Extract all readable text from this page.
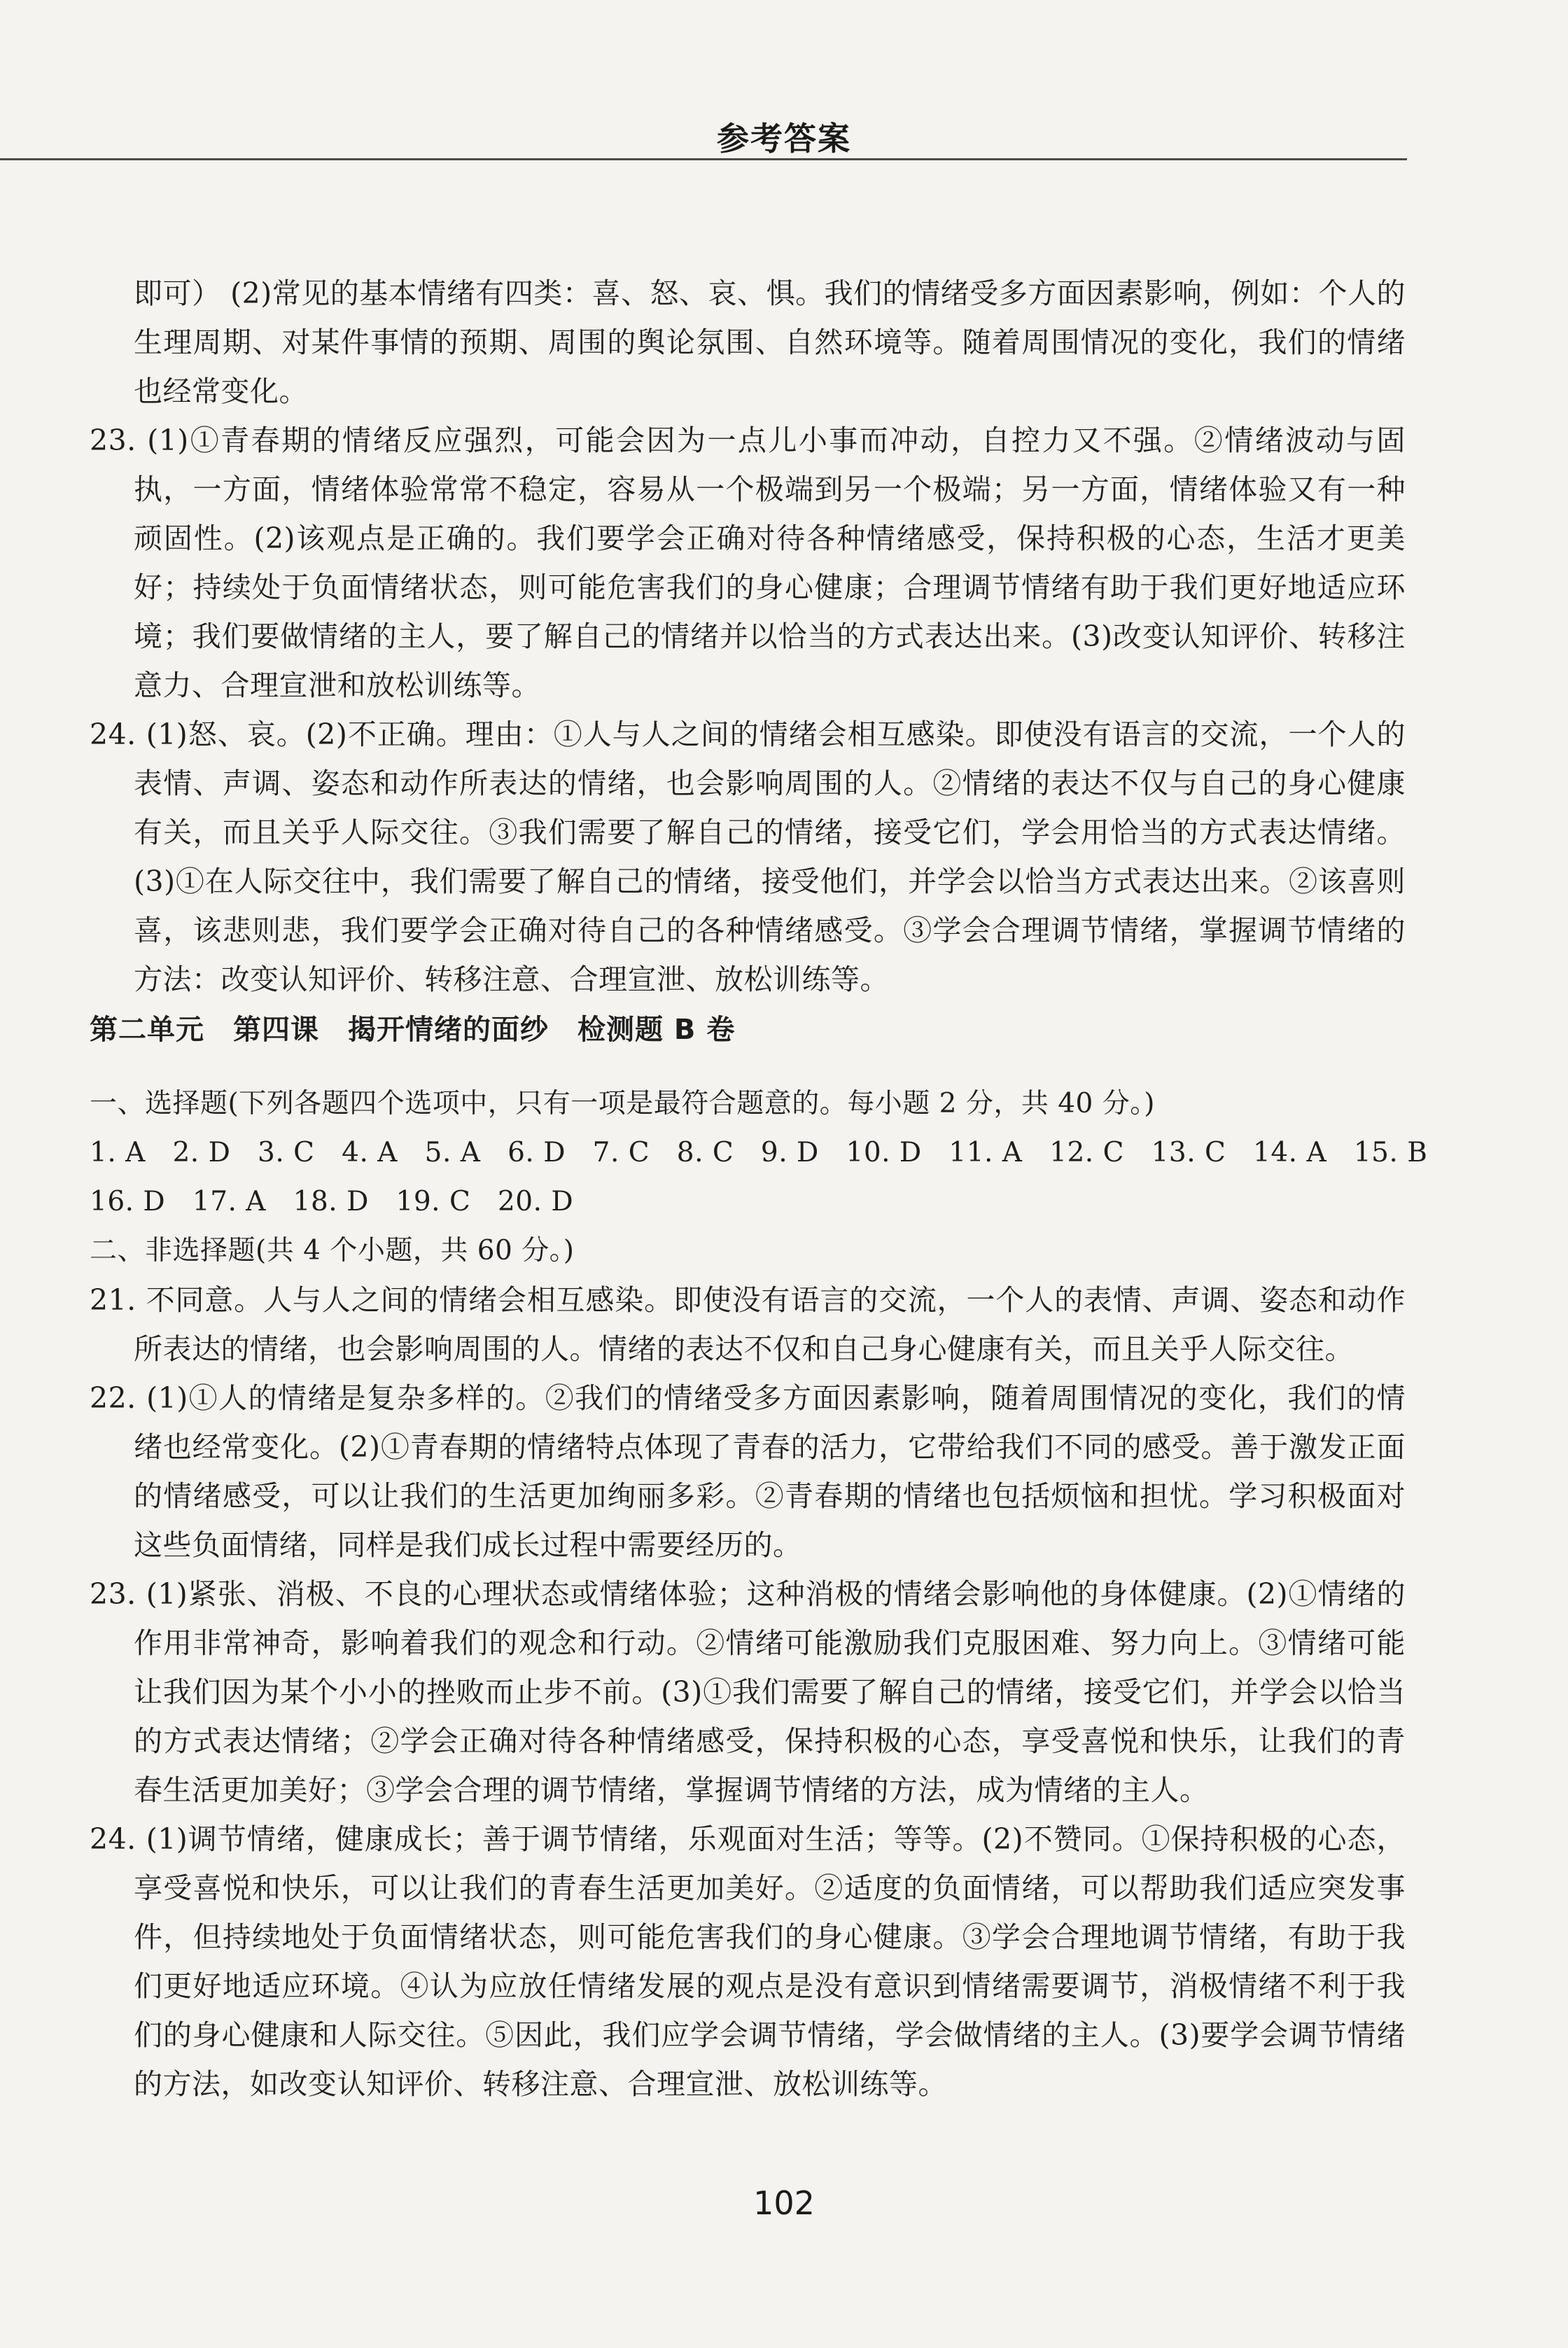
参考答案
即可） (2)常见的基本情绪有四类：喜、怒、哀、惧。我们的情绪受多方面因素影响，例如：个人的生理周期、对某件事情的预期、周围的舆论氛围、自然环境等。随着周围情况的变化，我们的情绪也经常变化。
23. (1)①青春期的情绪反应强烈，可能会因为一点儿小事而冲动，自控力又不强。②情绪波动与固执，一方面，情绪体验常常不稳定，容易从一个极端到另一个极端；另一方面，情绪体验又有一种顽固性。(2)该观点是正确的。我们要学会正确对待各种情绪感受，保持积极的心态，生活才更美好；持续处于负面情绪状态，则可能危害我们的身心健康；合理调节情绪有助于我们更好地适应环境；我们要做情绪的主人，要了解自己的情绪并以恰当的方式表达出来。(3)改变认知评价、转移注意力、合理宣泄和放松训练等。
24. (1)怒、哀。(2)不正确。理由：①人与人之间的情绪会相互感染。即使没有语言的交流，一个人的表情、声调、姿态和动作所表达的情绪，也会影响周围的人。②情绪的表达不仅与自己的身心健康有关，而且关乎人际交往。③我们需要了解自己的情绪，接受它们，学会用恰当的方式表达情绪。(3)①在人际交往中，我们需要了解自己的情绪，接受他们，并学会以恰当方式表达出来。②该喜则喜，该悲则悲，我们要学会正确对待自己的各种情绪感受。③学会合理调节情绪，掌握调节情绪的方法：改变认知评价、转移注意、合理宣泄、放松训练等。
第二单元　第四课　揭开情绪的面纱　检测题 B 卷
一、选择题(下列各题四个选项中，只有一项是最符合题意的。每小题 2 分，共 40 分。)
1. A   2. D   3. C   4. A   5. A   6. D   7. C   8. C   9. D   10. D   11. A   12. C   13. C   14. A   15. B
16. D   17. A   18. D   19. C   20. D
二、非选择题(共 4 个小题，共 60 分。)
21. 不同意。人与人之间的情绪会相互感染。即使没有语言的交流，一个人的表情、声调、姿态和动作所表达的情绪，也会影响周围的人。情绪的表达不仅和自己身心健康有关，而且关乎人际交往。
22. (1)①人的情绪是复杂多样的。②我们的情绪受多方面因素影响，随着周围情况的变化，我们的情绪也经常变化。(2)①青春期的情绪特点体现了青春的活力，它带给我们不同的感受。善于激发正面的情绪感受，可以让我们的生活更加绚丽多彩。②青春期的情绪也包括烦恼和担忧。学习积极面对这些负面情绪，同样是我们成长过程中需要经历的。
23. (1)紧张、消极、不良的心理状态或情绪体验；这种消极的情绪会影响他的身体健康。(2)①情绪的作用非常神奇，影响着我们的观念和行动。②情绪可能激励我们克服困难、努力向上。③情绪可能让我们因为某个小小的挫败而止步不前。(3)①我们需要了解自己的情绪，接受它们，并学会以恰当的方式表达情绪；②学会正确对待各种情绪感受，保持积极的心态，享受喜悦和快乐，让我们的青春生活更加美好；③学会合理的调节情绪，掌握调节情绪的方法，成为情绪的主人。
24. (1)调节情绪，健康成长；善于调节情绪，乐观面对生活；等等。(2)不赞同。①保持积极的心态，享受喜悦和快乐，可以让我们的青春生活更加美好。②适度的负面情绪，可以帮助我们适应突发事件，但持续地处于负面情绪状态，则可能危害我们的身心健康。③学会合理地调节情绪，有助于我们更好地适应环境。④认为应放任情绪发展的观点是没有意识到情绪需要调节，消极情绪不利于我们的身心健康和人际交往。⑤因此，我们应学会调节情绪，学会做情绪的主人。(3)要学会调节情绪的方法，如改变认知评价、转移注意、合理宣泄、放松训练等。
102
